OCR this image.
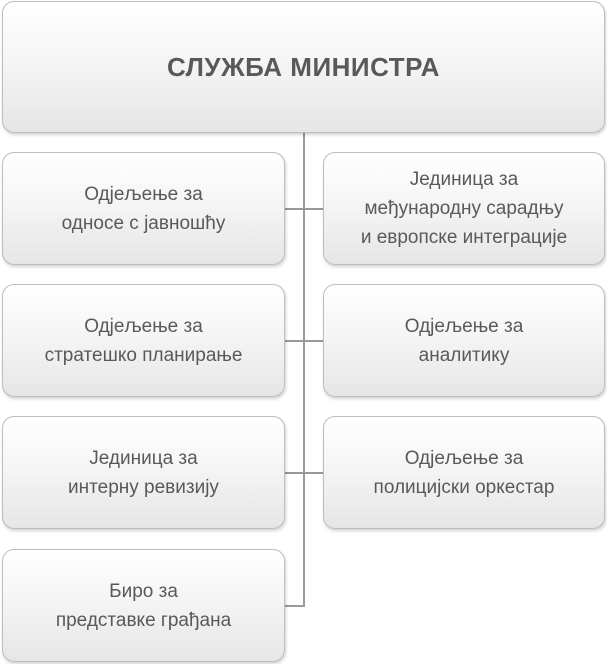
СЛУЖБА МИНИСТРА
Одјељење за
односе с јавношћу
Одјељење за
стратешко планирање
Јединица за
интерну ревизију
Биро за
представке грађана
Јединица за
међународну сарадњу
и европске интеграције
Одјељење за
аналитику
Одјељење за
полицијски оркестар
